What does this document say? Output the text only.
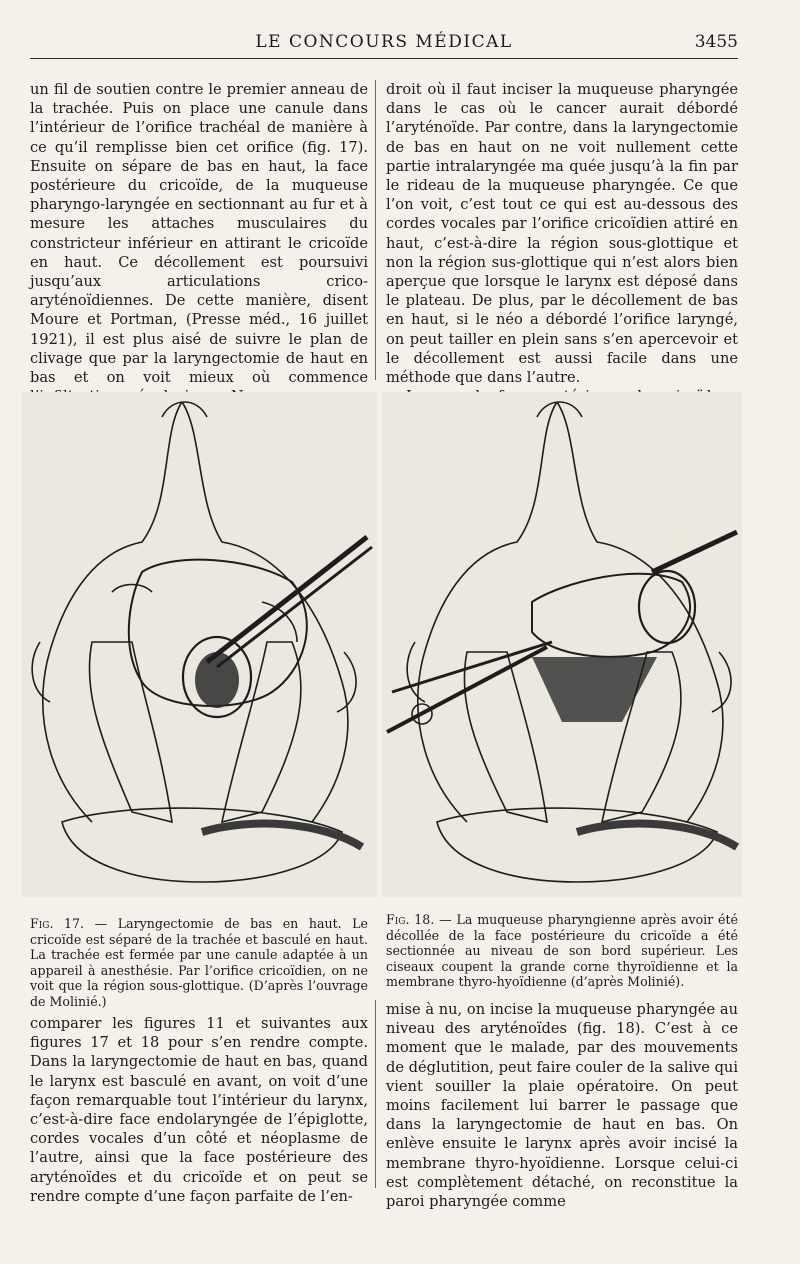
LE CONCOURS MÉDICAL	3455

un fil de soutien contre le premier anneau de la trachée. Puis on place une canule dans l’intérieur de l’orifice trachéal de manière à ce qu’il remplisse bien cet orifice (fig. 17). Ensuite on sépare de bas en haut, la face postérieure du cricoïde, de la muqueuse pharyngo-laryngée en sectionnant au fur et à mesure les attaches musculaires du constricteur inférieur en attirant le cricoïde en haut. Ce décollement est poursuivi jusqu’aux articulations crico-aryténoïdiennes. De cette manière, disent Moure et Portman, (Presse méd., 16 juillet 1921), il est plus aisé de suivre le plan de clivage que par la laryngectomie de haut en bas et on voit mieux où commence

droit où il faut inciser la muqueuse pharyngée dans le cas où le cancer aurait débordé l’aryténoïde. Par contre, dans la laryngectomie de bas en haut on ne voit nullement cette partie intralaryngée ma quée jusqu’à la fin par le rideau de la muqueuse pharyngée. Ce que l’on voit, c’est tout ce qui est au-dessous des cordes vocales par l’orifice cricoïdien attiré en haut, c’est-à-dire la région sous-glottique et non la région sus-glottique qui n’est alors bien aperçue que lorsque le larynx est déposé dans le plateau. De plus, par le décollement de bas en haut, si le néo a débordé l’orifice laryngé, on peut tailler en plein sans s’en apercevoir et le décollement est aussi facile dans une méthode que dans l’autre.

Fig. 17. — Laryngectomie de bas en haut. Le cricoïde est séparé de la trachée et basculé en haut. La trachée est fermée par une canule adaptée à un appareil à anesthésie. Par l’orifice cricoïdien, on ne voit que la région sous-glottique. (D’après l’ouvrage de Molinié.)
Fig. 18. — La muqueuse pharyngienne après avoir été décollée de la face postérieure du cricoïde a été sectionnée au niveau de son bord supérieur. Les ciseaux coupent la grande corne thyroïdienne et la membrane thyro-hyoïdienne (d’après Molinié).

comparer les figures 11 et suivantes aux figures 17 et 18 pour s’en rendre compte. Dans la laryngectomie de haut en bas, quand le larynx est basculé en avant, on voit d’une façon remarquable tout l’intérieur du larynx, c’est-à-dire face endolaryngée de l’épiglotte, cordes vocales d’un côté et néoplasme de l’autre, ainsi que la face postérieure des aryténoïdes et du cricoïde et on peut se rendre compte d’une façon parfaite de l’en-

mise à nu, on incise la muqueuse pharyngée au niveau des aryténoïdes (fig. 18). C’est à ce moment que le malade, par des mouvements de déglutition, peut faire couler de la salive qui vient souiller la plaie opératoire. On peut moins facilement lui barrer le passage que dans la laryngectomie de haut en bas. On enlève ensuite le larynx après avoir incisé la membrane thyro-hyoïdienne. Lorsque celui-ci est complètement détaché, on reconstitue la paroi pharyngée comme
